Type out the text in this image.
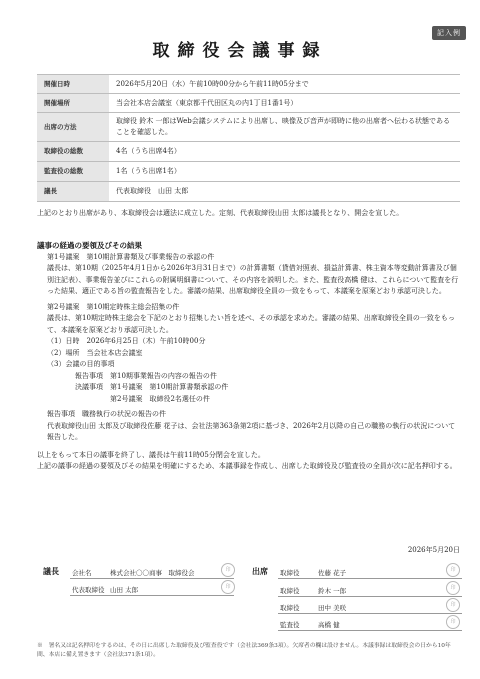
記入例
取締役会議事録
開催日時	2026年5月20日（水）午前10時00分から午前11時05分まで
開催場所	当会社本店会議室（東京都千代田区丸の内1丁目1番1号）
出席の方法	取締役 鈴木 一郎はWeb会議システムにより出席し、映像及び音声が即時に他の出席者へ伝わる状態であることを確認した。
取締役の総数	4名（うち出席4名）
監査役の総数	1名（うち出席1名）
議長	代表取締役　山田 太郎
上記のとおり出席があり、本取締役会は適法に成立した。定刻、代表取締役山田 太郎は議長となり、開会を宣した。
議事の経過の要領及びその結果
第1号議案　第10期計算書類及び事業報告の承認の件
議長は、第10期（2025年4月1日から2026年3月31日まで）の計算書類（貸借対照表、損益計算書、株主資本等変動計算書及び個別注記表）、事業報告並びにこれらの附属明細書について、その内容を説明した。また、監査役高橋 健は、これらについて監査を行った結果、適正である旨の監査報告をした。審議の結果、出席取締役全員の一致をもって、本議案を原案どおり承認可決した。
第2号議案　第10期定時株主総会招集の件
議長は、第10期定時株主総会を下記のとおり招集したい旨を述べ、その承認を求めた。審議の結果、出席取締役全員の一致をもって、本議案を原案どおり承認可決した。
（1）日時　2026年6月25日（木）午前10時00分
（2）場所　当会社本店会議室
（3）会議の目的事項
報告事項　第10期事業報告の内容の報告の件
決議事項　第1号議案　第10期計算書類承認の件
　　　　　第2号議案　取締役2名選任の件
報告事項　職務執行の状況の報告の件
代表取締役山田 太郎及び取締役佐藤 花子は、会社法第363条第2項に基づき、2026年2月以降の自己の職務の執行の状況について報告した。
以上をもって本日の議事を終了し、議長は午前11時05分閉会を宣した。
上記の議事の経過の要領及びその結果を明確にするため、本議事録を作成し、出席した取締役及び監査役の全員が次に記名押印する。
2026年5月20日
議長 会社名	株式会社〇〇商事　取締役会	印
代表取締役 山田 太郎	印
出席 取締役	佐藤 花子	印
取締役	鈴木 一郎	印
取締役	田中 美咲	印
監査役	高橋 健	印
※　署名又は記名押印をするのは、その日に出席した取締役及び監査役です（会社法369条3項）。欠席者の欄は設けません。本議事録は取締役会の日から10年間、本店に備え置きます（会社法371条1項）。
